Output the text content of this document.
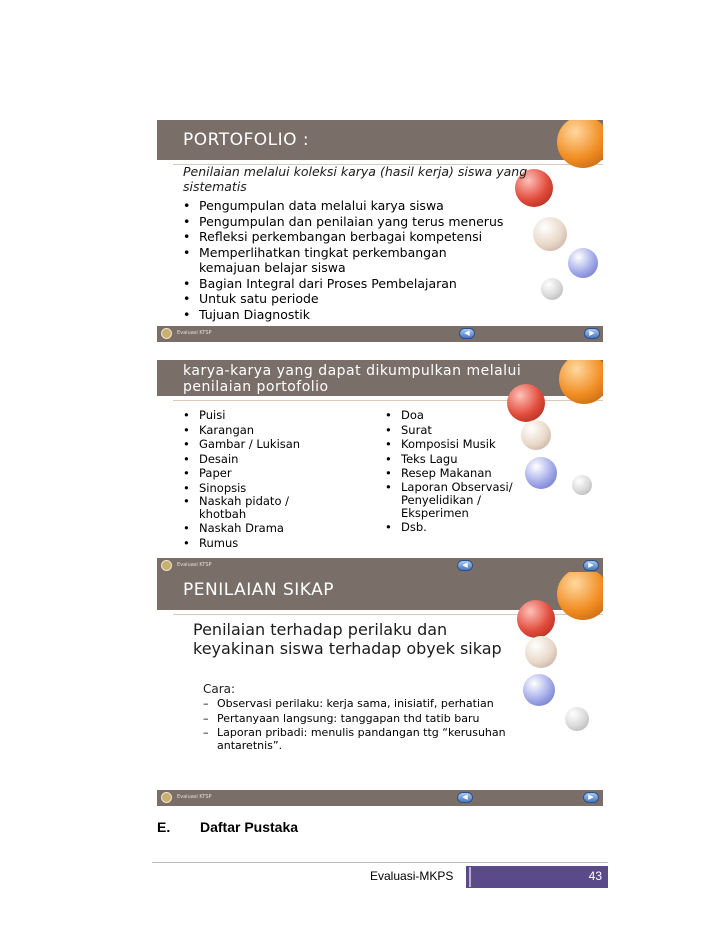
PORTOFOLIO :
Penilaian melalui koleksi karya (hasil kerja) siswa yang sistematis
• Pengumpulan data melalui karya siswa
• Pengumpulan dan penilaian yang terus menerus
• Refleksi perkembangan berbagai kompetensi
• Memperlihatkan tingkat perkembangan kemajuan belajar siswa
• Bagian Integral dari Proses Pembelajaran
• Untuk satu periode
• Tujuan Diagnostik
Evaluasi KTSP	◀	▶
karya-karya yang dapat dikumpulkan melalui penilaian portofolio
• Puisi
• Karangan
• Gambar / Lukisan
• Desain
• Paper
• Sinopsis
• Naskah pidato / khotbah
• Naskah Drama
• Rumus
• Doa
• Surat
• Komposisi Musik
• Teks Lagu
• Resep Makanan
• Laporan Observasi/ Penyelidikan / Eksperimen
• Dsb.
Evaluasi KTSP	◀	▶
PENILAIAN SIKAP
Penilaian terhadap perilaku dan keyakinan siswa terhadap obyek sikap
Cara:
– Observasi perilaku: kerja sama, inisiatif, perhatian
– Pertanyaan langsung: tanggapan thd tatib baru
– Laporan pribadi: menulis pandangan ttg “kerusuhan antaretnis”.
Evaluasi KTSP	◀	▶
E. Daftar Pustaka
Evaluasi-MKPS	43
